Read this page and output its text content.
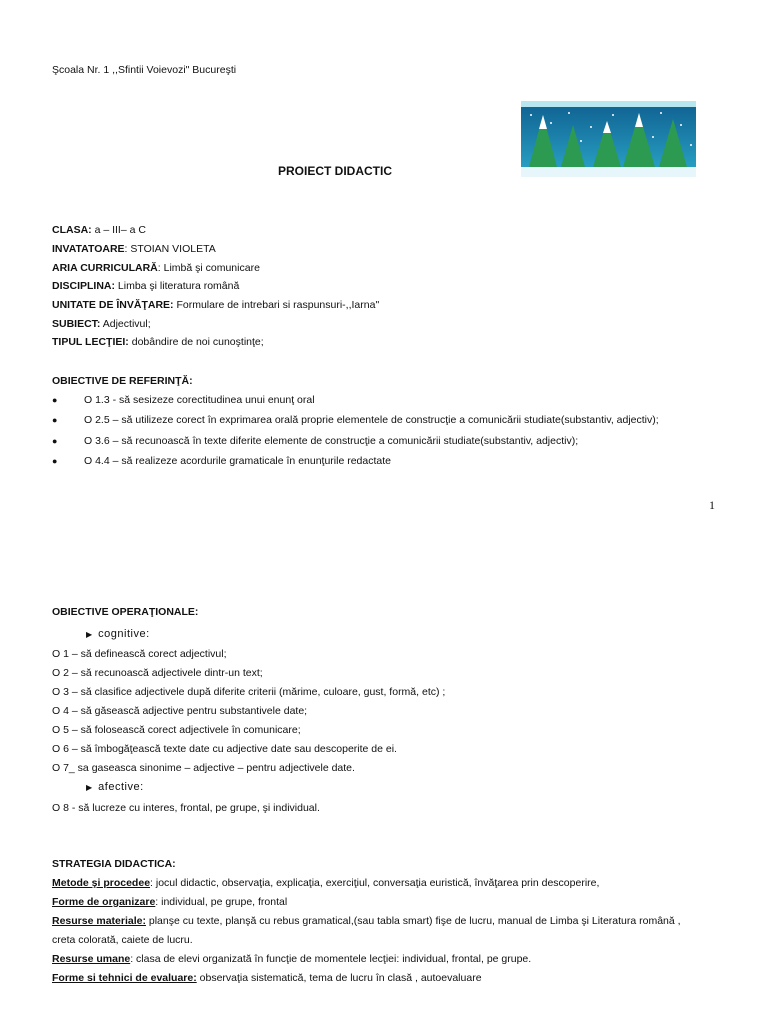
Şcoala Nr. 1 ,,Sfintii Voievozi" Bucureşti
PROIECT DIDACTIC
CLASA: a – III– a C
INVATATOARE: STOIAN VIOLETA
ARIA CURRICULARĂ: Limbă şi comunicare
DISCIPLINA: Limba şi literatura română
UNITATE DE ÎNVĂŢARE: Formulare de intrebari si raspunsuri-,,Iarna"
SUBIECT: Adjectivul;
TIPUL LECŢIEI: dobândire de noi cunoştinţe;
OBIECTIVE DE REFERINŢĂ:
●	O 1.3 - să sesizeze corectitudinea unui enunţ oral
●	O 2.5 – să utilizeze corect în exprimarea orală proprie elementele de construcţie a comunicării studiate(substantiv, adjectiv);
●	O 3.6 – să recunoască în texte diferite elemente de construcţie a comunicării studiate(substantiv, adjectiv);
●	O 4.4 – să realizeze acordurile gramaticale în enunţurile redactate
1
OBIECTIVE OPERAŢIONALE:
▶ cognitive:
O 1 – să definească corect adjectivul;
O 2 – să recunoască adjectivele dintr-un text;
O 3 – să clasifice adjectivele după diferite criterii (mărime, culoare, gust, formă, etc) ;
O 4 – să găsească adjective pentru substantivele date;
O 5 – să folosească corect adjectivele în comunicare;
O 6 – să îmbogăţească texte date cu adjective date sau descoperite de ei.
O 7_ sa gaseasca sinonime – adjective – pentru adjectivele date.
▶ afective:
O 8 - să lucreze cu interes, frontal, pe grupe, şi individual.
STRATEGIA DIDACTICA:
Metode şi procedee: jocul didactic, observaţia, explicaţia, exerciţiul, conversaţia euristică, învăţarea prin descoperire,
Forme de organizare: individual, pe grupe, frontal
Resurse materiale: planşe cu texte, planşă cu rebus gramatical,(sau tabla smart) fişe de lucru, manual de Limba şi Literatura română ,
creta colorată, caiete de lucru.
Resurse umane: clasa de elevi organizată în funcţie de momentele lecţiei: individual, frontal, pe grupe.
Forme si tehnici de evaluare: observaţia sistematică, tema de lucru în clasă , autoevaluare
